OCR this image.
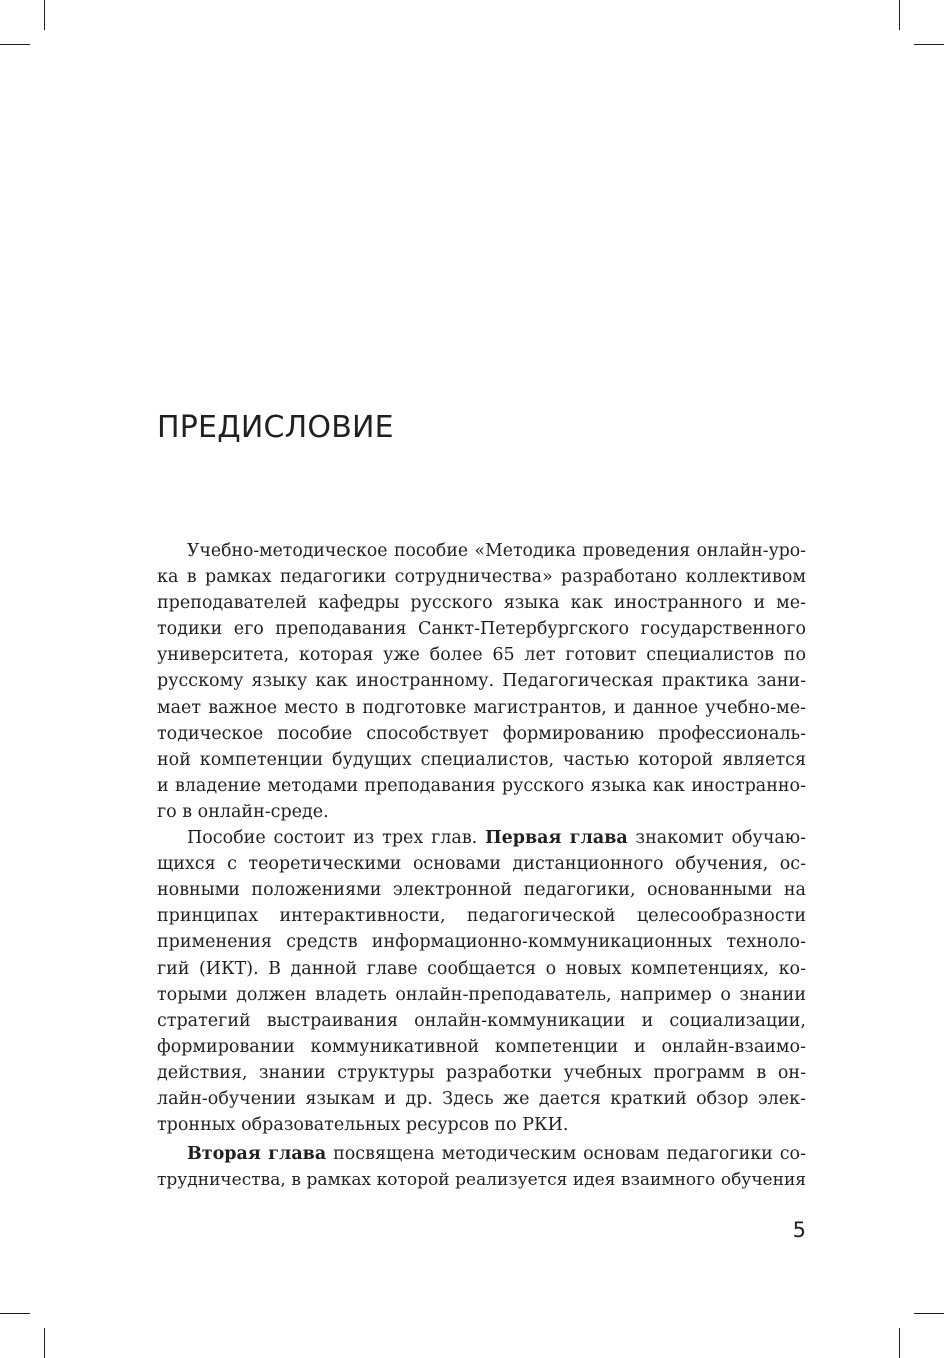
ПРЕДИСЛОВИЕ
Учебно-методическое пособие «Методика проведения онлайн-уро-
ка в рамках педагогики сотрудничества» разработано коллективом
преподавателей кафедры русского языка как иностранного и ме-
тодики его преподавания Санкт-Петербургского государственного
университета, которая уже более 65 лет готовит специалистов по
русскому языку как иностранному. Педагогическая практика зани-
мает важное место в подготовке магистрантов, и данное учебно-ме-
тодическое пособие способствует формированию профессиональ-
ной компетенции будущих специалистов, частью которой является
и владение методами преподавания русского языка как иностранно-
го в онлайн-среде.
Пособие состоит из трех глав. Первая глава знакомит обучаю-
щихся с теоретическими основами дистанционного обучения, ос-
новными положениями электронной педагогики, основанными на
принципах интерактивности, педагогической целесообразности
применения средств информационно-коммуникационных техноло-
гий (ИКТ). В данной главе сообщается о новых компетенциях, ко-
торыми должен владеть онлайн-преподаватель, например о знании
стратегий выстраивания онлайн-коммуникации и социализации,
формировании коммуникативной компетенции и онлайн-взаимо-
действия, знании структуры разработки учебных программ в он-
лайн-обучении языкам и др. Здесь же дается краткий обзор элек-
тронных образовательных ресурсов по РКИ.
Вторая глава посвящена методическим основам педагогики со-
трудничества, в рамках которой реализуется идея взаимного обучения
5
